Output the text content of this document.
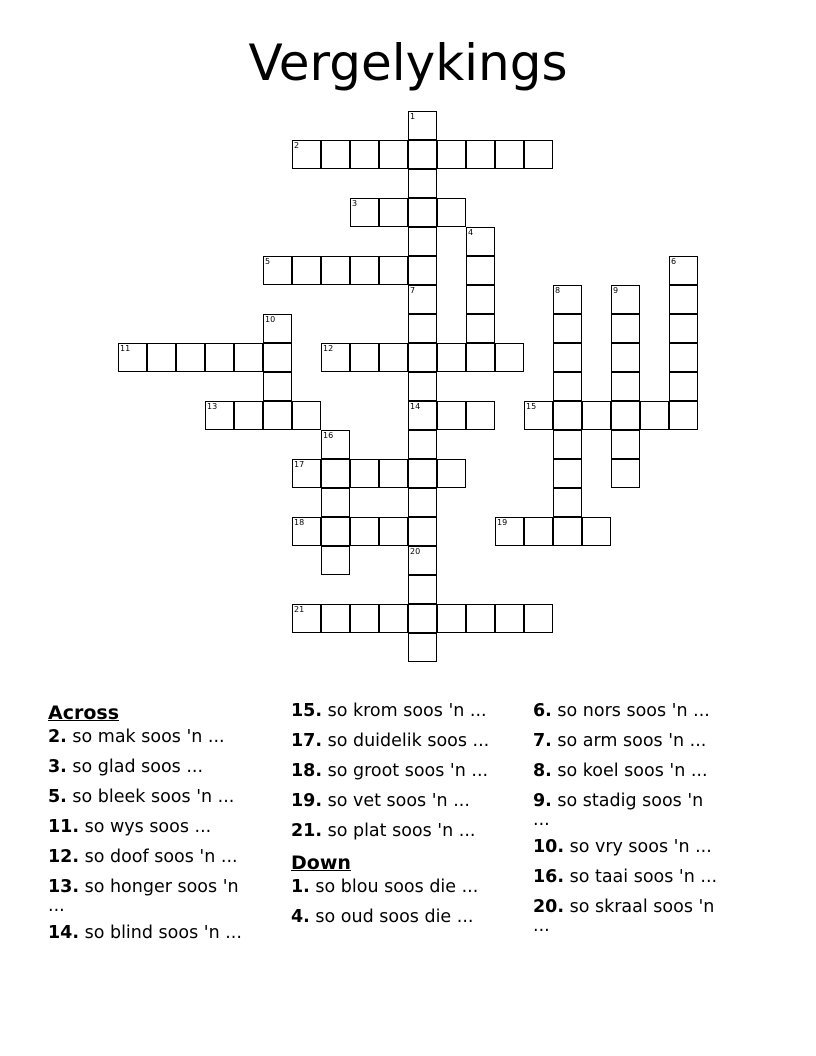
Vergelykings
1
7
2
3
4
5	6
14
8	9
10
11	12
13	15
16
17
18	19
20
21
Across
2. so mak soos 'n ...
3. so glad soos ...
5. so bleek soos 'n ...
11. so wys soos ...
12. so doof soos 'n ...
13. so honger soos 'n
...
14. so blind soos 'n ...
15. so krom soos 'n ...
17. so duidelik soos ...
18. so groot soos 'n ...
19. so vet soos 'n ...
21. so plat soos 'n ...
Down
1. so blou soos die ...
4. so oud soos die ...
6. so nors soos 'n ...
7. so arm soos 'n ...
8. so koel soos 'n ...
9. so stadig soos 'n
...
10. so vry soos 'n ...
16. so taai soos 'n ...
20. so skraal soos 'n
...
